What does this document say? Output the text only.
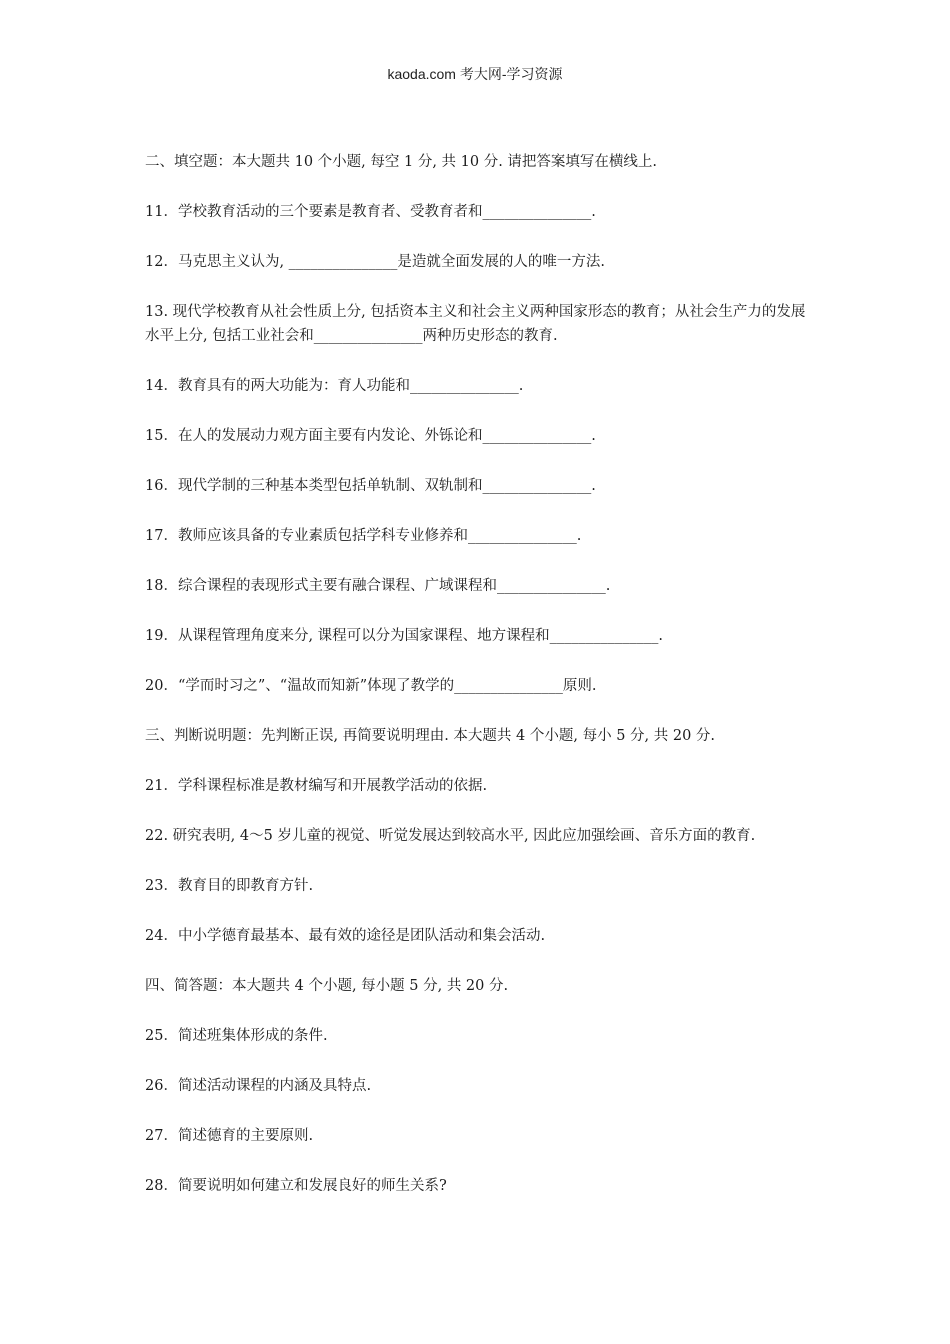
kaoda.com 考大网-学习资源

二、填空题：本大题共 10 个小题, 每空 1 分, 共 10 分. 请把答案填写在横线上.

11．学校教育活动的三个要素是教育者、受教育者和_______________.

12．马克思主义认为, _______________是造就全面发展的人的唯一方法.

13. 现代学校教育从社会性质上分, 包括资本主义和社会主义两种国家形态的教育；从社会生产力的发展水平上分, 包括工业社会和_______________两种历史形态的教育.

14．教育具有的两大功能为：育人功能和_______________.

15．在人的发展动力观方面主要有内发论、外铄论和_______________.

16．现代学制的三种基本类型包括单轨制、双轨制和_______________.

17．教师应该具备的专业素质包括学科专业修养和_______________.

18．综合课程的表现形式主要有融合课程、广域课程和_______________.

19．从课程管理角度来分, 课程可以分为国家课程、地方课程和_______________.

20．“学而时习之”、“温故而知新”体现了教学的_______________原则.

三、判断说明题：先判断正误, 再简要说明理由. 本大题共 4 个小题, 每小 5 分, 共 20 分.

21．学科课程标准是教材编写和开展教学活动的依据.

22. 研究表明, 4～5 岁儿童的视觉、听觉发展达到较高水平, 因此应加强绘画、音乐方面的教育.

23．教育目的即教育方针.

24．中小学德育最基本、最有效的途径是团队活动和集会活动.

四、简答题：本大题共 4 个小题, 每小题 5 分, 共 20 分.

25．简述班集体形成的条件.

26．简述活动课程的内涵及具特点.

27．简述德育的主要原则.

28．简要说明如何建立和发展良好的师生关系?
